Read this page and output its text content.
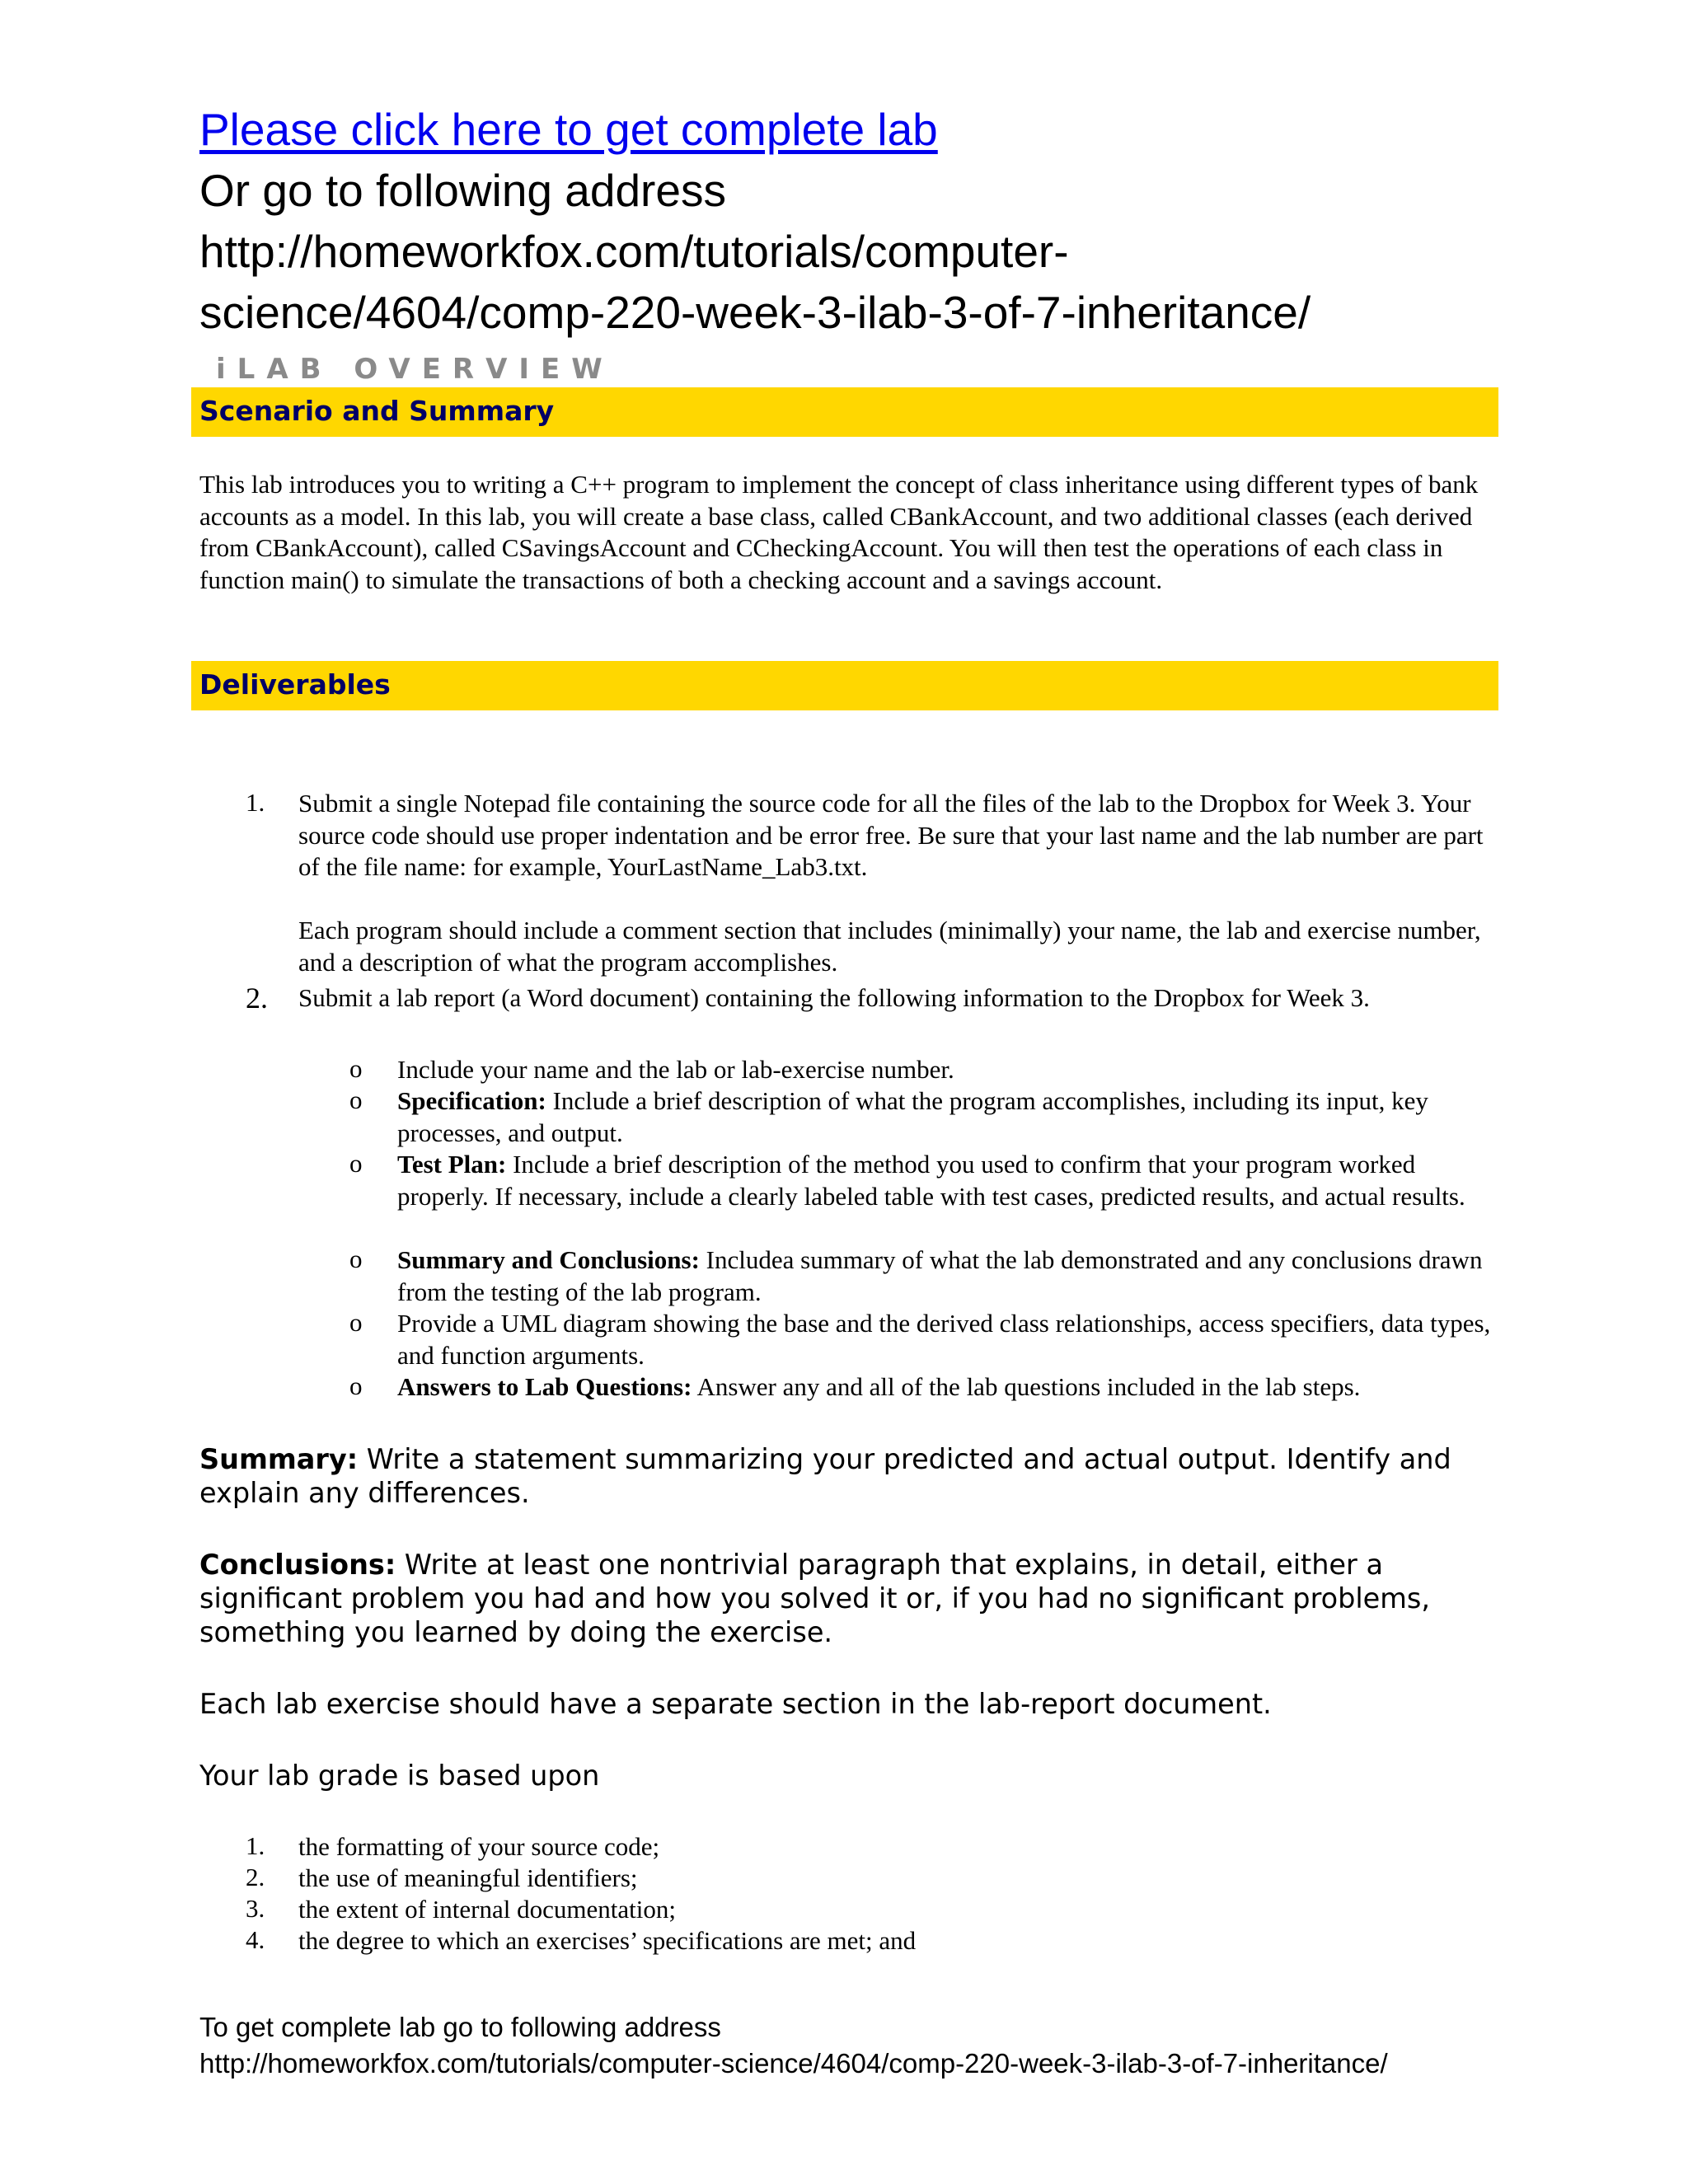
Please click here to get complete lab
Or go to following address
http://homeworkfox.com/tutorials/computer-
science/4604/comp-220-week-3-ilab-3-of-7-inheritance/
iLAB OVERVIEW
Scenario and Summary
This lab introduces you to writing a C++ program to implement the concept of class inheritance using different types of bank accounts as a model. In this lab, you will create a base class, called CBankAccount, and two additional classes (each derived from CBankAccount), called CSavingsAccount and CCheckingAccount. You will then test the operations of each class in function main() to simulate the transactions of both a checking account and a savings account.
Deliverables
1.	Submit a single Notepad file containing the source code for all the files of the lab to the Dropbox for Week 3. Your source code should use proper indentation and be error free. Be sure that your last name and the lab number are part of the file name: for example, YourLastName_Lab3.txt.
Each program should include a comment section that includes (minimally) your name, the lab and exercise number, and a description of what the program accomplishes.
2.	Submit a lab report (a Word document) containing the following information to the Dropbox for Week 3.
o Include your name and the lab or lab-exercise number.
o Specification: Include a brief description of what the program accomplishes, including its input, key processes, and output.
o Test Plan: Include a brief description of the method you used to confirm that your program worked properly. If necessary, include a clearly labeled table with test cases, predicted results, and actual results.
o Summary and Conclusions: Includea summary of what the lab demonstrated and any conclusions drawn from the testing of the lab program.
o Provide a UML diagram showing the base and the derived class relationships, access specifiers, data types, and function arguments.
o Answers to Lab Questions: Answer any and all of the lab questions included in the lab steps.
Summary: Write a statement summarizing your predicted and actual output. Identify and explain any differences.
Conclusions: Write at least one nontrivial paragraph that explains, in detail, either a significant problem you had and how you solved it or, if you had no significant problems, something you learned by doing the exercise.
Each lab exercise should have a separate section in the lab-report document.
Your lab grade is based upon
1.	the formatting of your source code;
2.	the use of meaningful identifiers;
3.	the extent of internal documentation;
4.	the degree to which an exercises’ specifications are met; and
To get complete lab go to following address
http://homeworkfox.com/tutorials/computer-science/4604/comp-220-week-3-ilab-3-of-7-inheritance/
